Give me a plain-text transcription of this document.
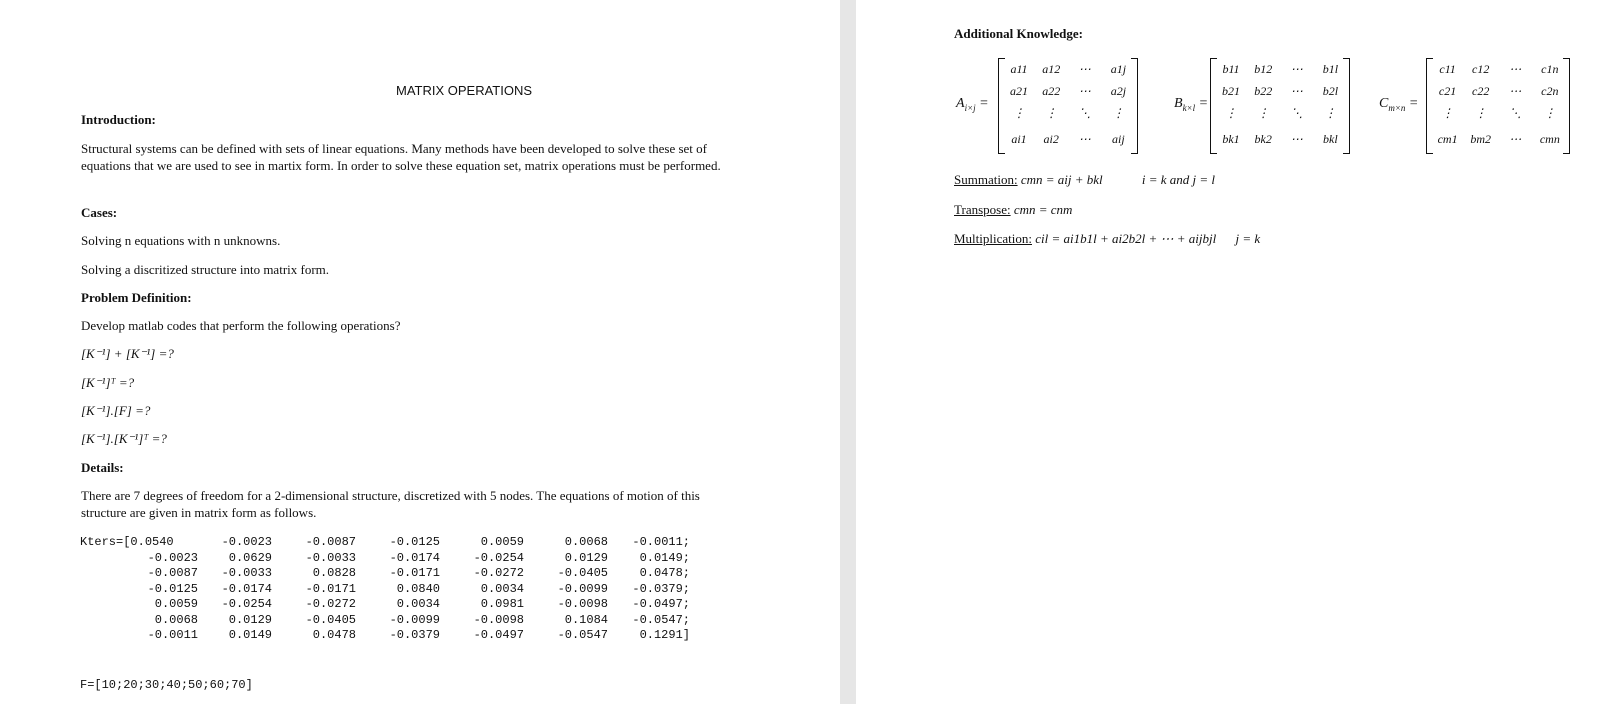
MATRIX OPERATIONS
Introduction:
Structural systems can be defined with sets of linear equations. Many methods have been developed to solve these set of equations that we are used to see in martix form. In order to solve these equation set, matrix operations must be performed.
Cases:
Solving n equations with n unknowns.
Solving a discritized structure into matrix form.
Problem Definition:
Develop matlab codes that perform the following operations?
[K⁻¹] + [K⁻¹] =?
[K⁻¹]ᵀ =?
[K⁻¹].[F] =?
[K⁻¹].[K⁻¹]ᵀ =?
Details:
There are 7 degrees of freedom for a 2-dimensional structure, discretized with 5 nodes. The equations of motion of this structure are given in matrix form as follows.
Kters=[0.0540	-0.0023	-0.0087	-0.0125	0.0059	0.0068	-0.0011;
-0.0023	0.0629	-0.0033	-0.0174	-0.0254	0.0129	0.0149;
-0.0087	-0.0033	0.0828	-0.0171	-0.0272	-0.0405	0.0478;
-0.0125	-0.0174	-0.0171	0.0840	0.0034	-0.0099	-0.0379;
0.0059	-0.0254	-0.0272	0.0034	0.0981	-0.0098	-0.0497;
0.0068	0.0129	-0.0405	-0.0099	-0.0098	0.1084	-0.0547;
-0.0011	0.0149	0.0478	-0.0379	-0.0497	-0.0547	0.1291]
F=[10;20;30;40;50;60;70]
Additional Knowledge:
$A_{i\times j}$ =
a11 a12 ⋯ a1j
a21 a22 ⋯ a2j
⋮ ⋮ ⋱ ⋮
ai1 ai2 ⋯ aij
$B_{k\times l}$ =
b11 b12 ⋯ b1l
b21 b22 ⋯ b2l
⋮ ⋮ ⋱ ⋮
bk1 bk2 ⋯ bkl
$C_{m\times n}$ =
c11 c12 ⋯ c1n
c21 c22 ⋯ c2n
⋮ ⋮ ⋱ ⋮
cm1 bm2 ⋯ cmn
Summation: cmn = aij + bkl	i = k and j = l
Transpose: cmn = cnm
Multiplication: cil = ai1b1l + ai2b2l + ⋯ + aijbjl j = k
